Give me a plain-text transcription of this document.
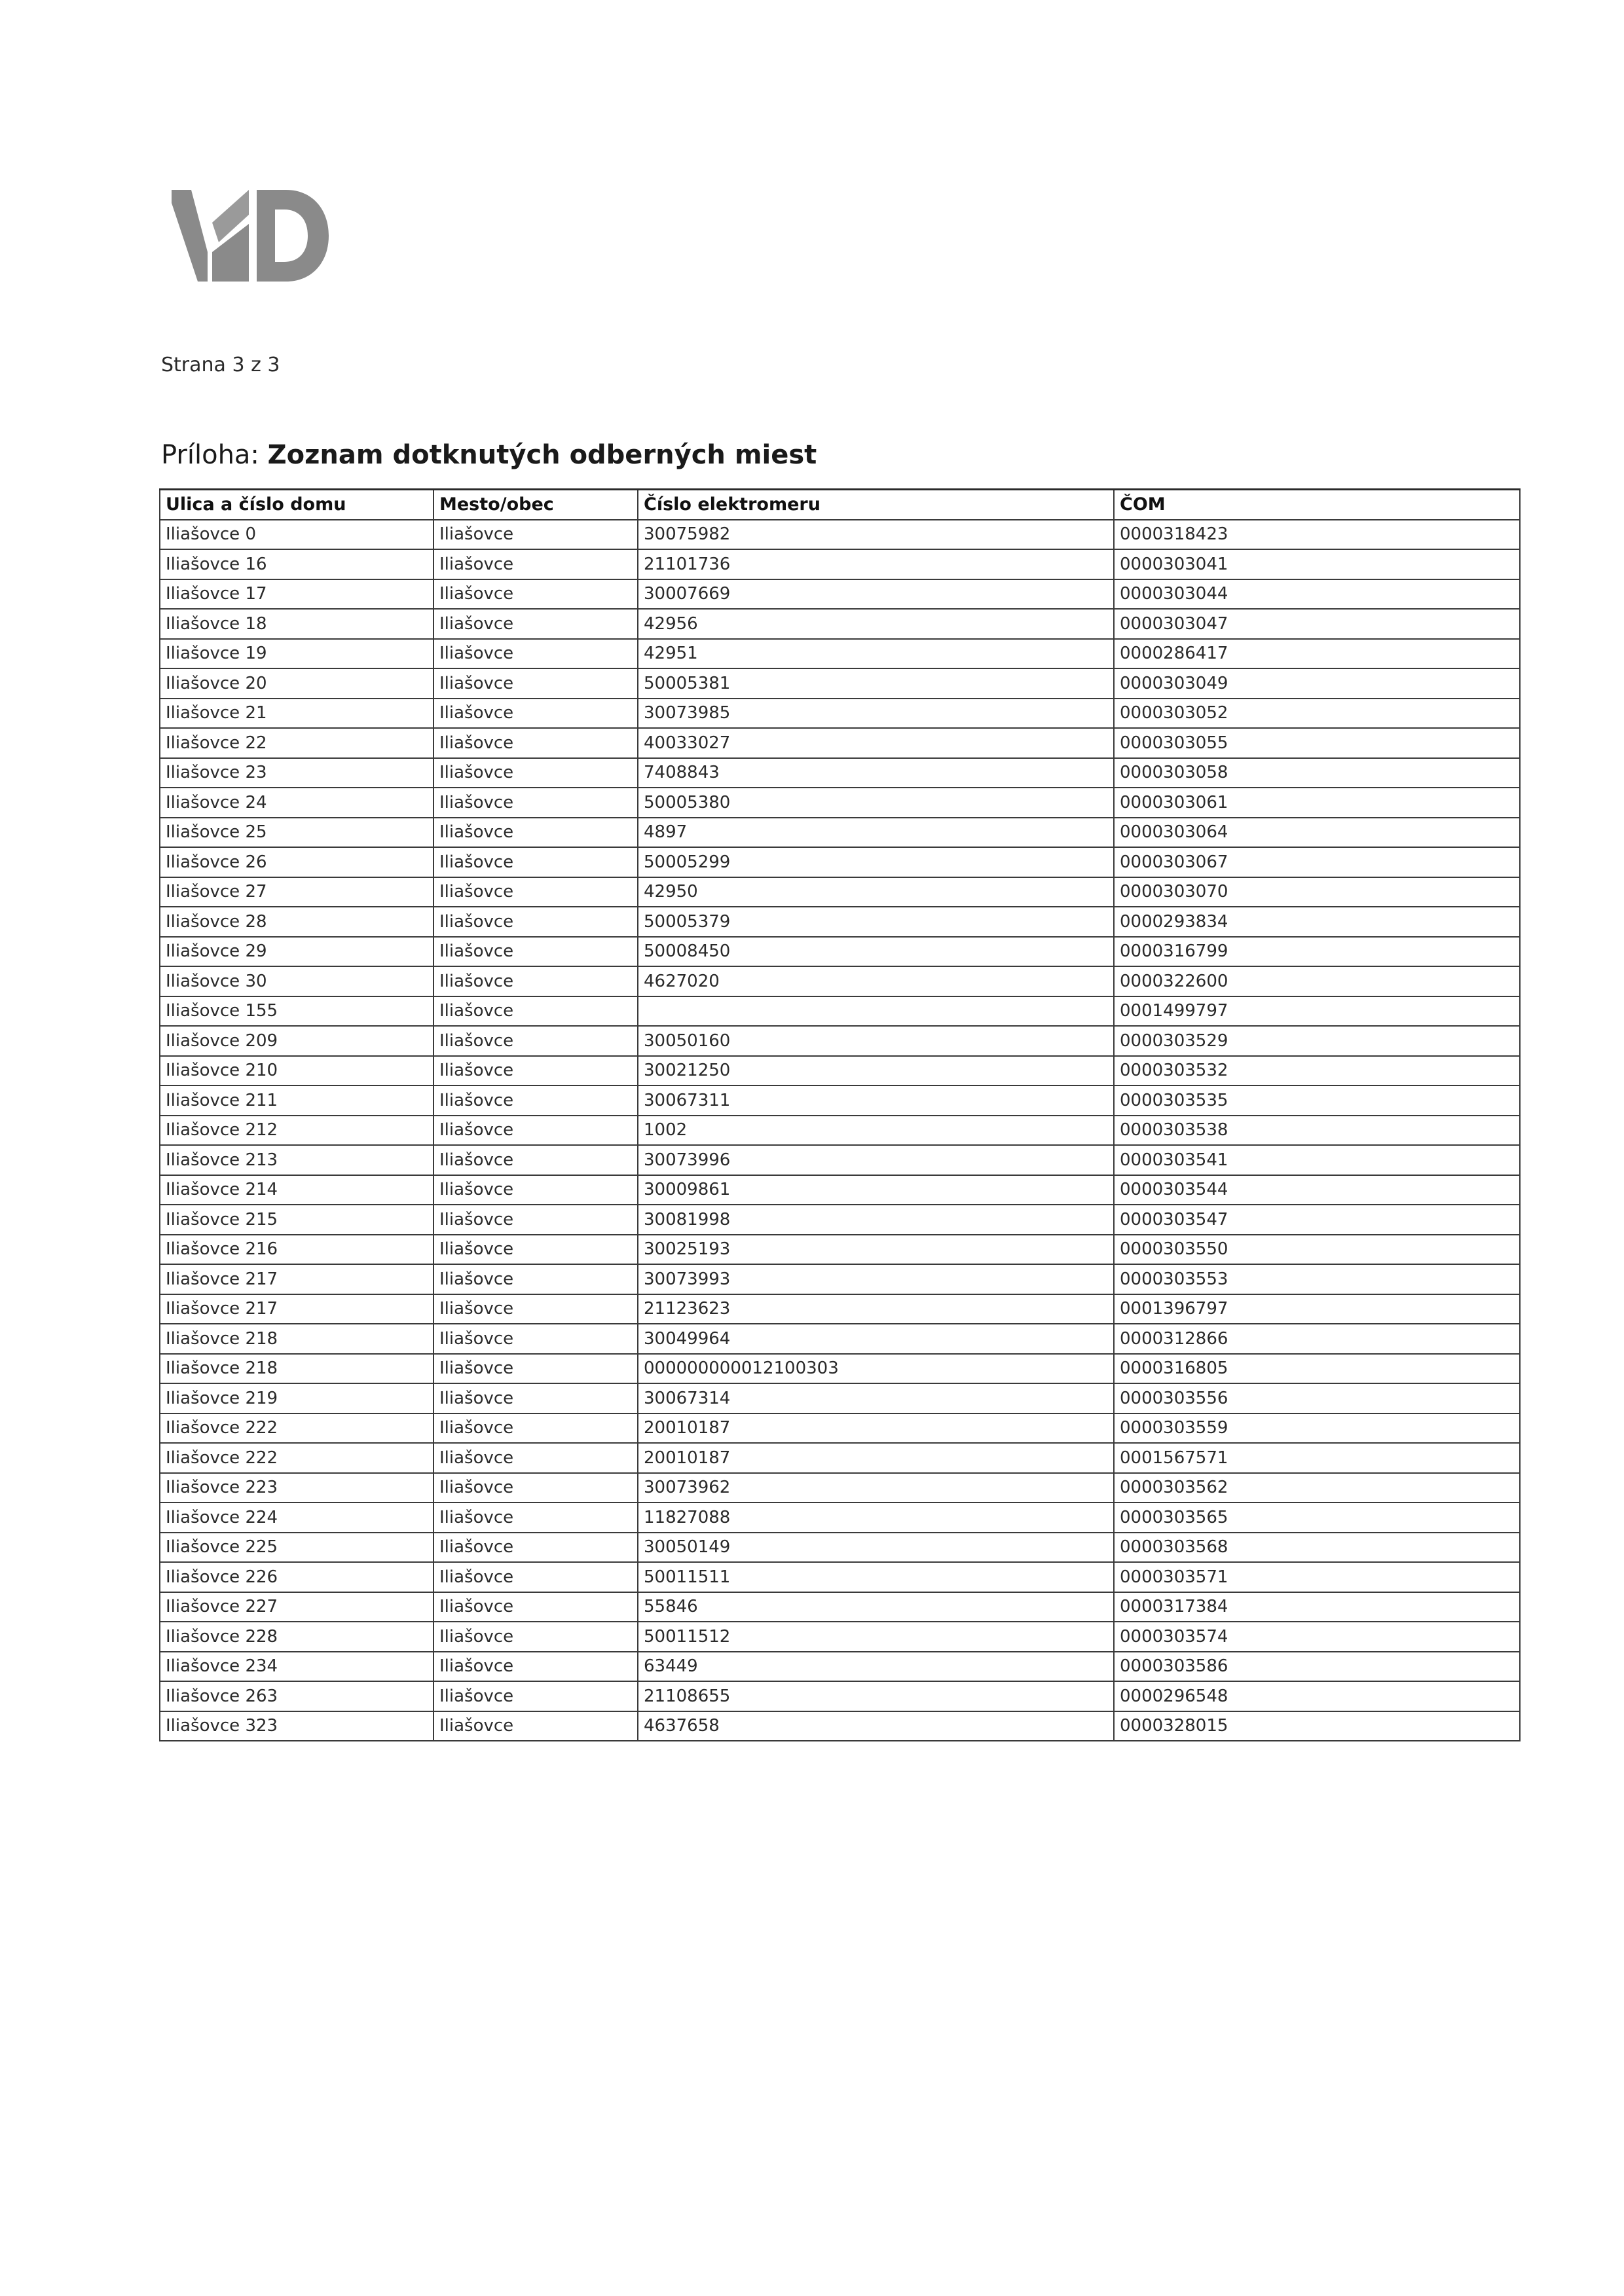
Strana 3 z 3
Príloha: Zoznam dotknutých odberných miest
Ulica a číslo domu	Mesto/obec	Číslo elektromeru	ČOM
Iliašovce 0	Iliašovce	30075982	0000318423
Iliašovce 16	Iliašovce	21101736	0000303041
Iliašovce 17	Iliašovce	30007669	0000303044
Iliašovce 18	Iliašovce	42956	0000303047
Iliašovce 19	Iliašovce	42951	0000286417
Iliašovce 20	Iliašovce	50005381	0000303049
Iliašovce 21	Iliašovce	30073985	0000303052
Iliašovce 22	Iliašovce	40033027	0000303055
Iliašovce 23	Iliašovce	7408843	0000303058
Iliašovce 24	Iliašovce	50005380	0000303061
Iliašovce 25	Iliašovce	4897	0000303064
Iliašovce 26	Iliašovce	50005299	0000303067
Iliašovce 27	Iliašovce	42950	0000303070
Iliašovce 28	Iliašovce	50005379	0000293834
Iliašovce 29	Iliašovce	50008450	0000316799
Iliašovce 30	Iliašovce	4627020	0000322600
Iliašovce 155	Iliašovce		0001499797
Iliašovce 209	Iliašovce	30050160	0000303529
Iliašovce 210	Iliašovce	30021250	0000303532
Iliašovce 211	Iliašovce	30067311	0000303535
Iliašovce 212	Iliašovce	1002	0000303538
Iliašovce 213	Iliašovce	30073996	0000303541
Iliašovce 214	Iliašovce	30009861	0000303544
Iliašovce 215	Iliašovce	30081998	0000303547
Iliašovce 216	Iliašovce	30025193	0000303550
Iliašovce 217	Iliašovce	30073993	0000303553
Iliašovce 217	Iliašovce	21123623	0001396797
Iliašovce 218	Iliašovce	30049964	0000312866
Iliašovce 218	Iliašovce	000000000012100303	0000316805
Iliašovce 219	Iliašovce	30067314	0000303556
Iliašovce 222	Iliašovce	20010187	0000303559
Iliašovce 222	Iliašovce	20010187	0001567571
Iliašovce 223	Iliašovce	30073962	0000303562
Iliašovce 224	Iliašovce	11827088	0000303565
Iliašovce 225	Iliašovce	30050149	0000303568
Iliašovce 226	Iliašovce	50011511	0000303571
Iliašovce 227	Iliašovce	55846	0000317384
Iliašovce 228	Iliašovce	50011512	0000303574
Iliašovce 234	Iliašovce	63449	0000303586
Iliašovce 263	Iliašovce	21108655	0000296548
Iliašovce 323	Iliašovce	4637658	0000328015
